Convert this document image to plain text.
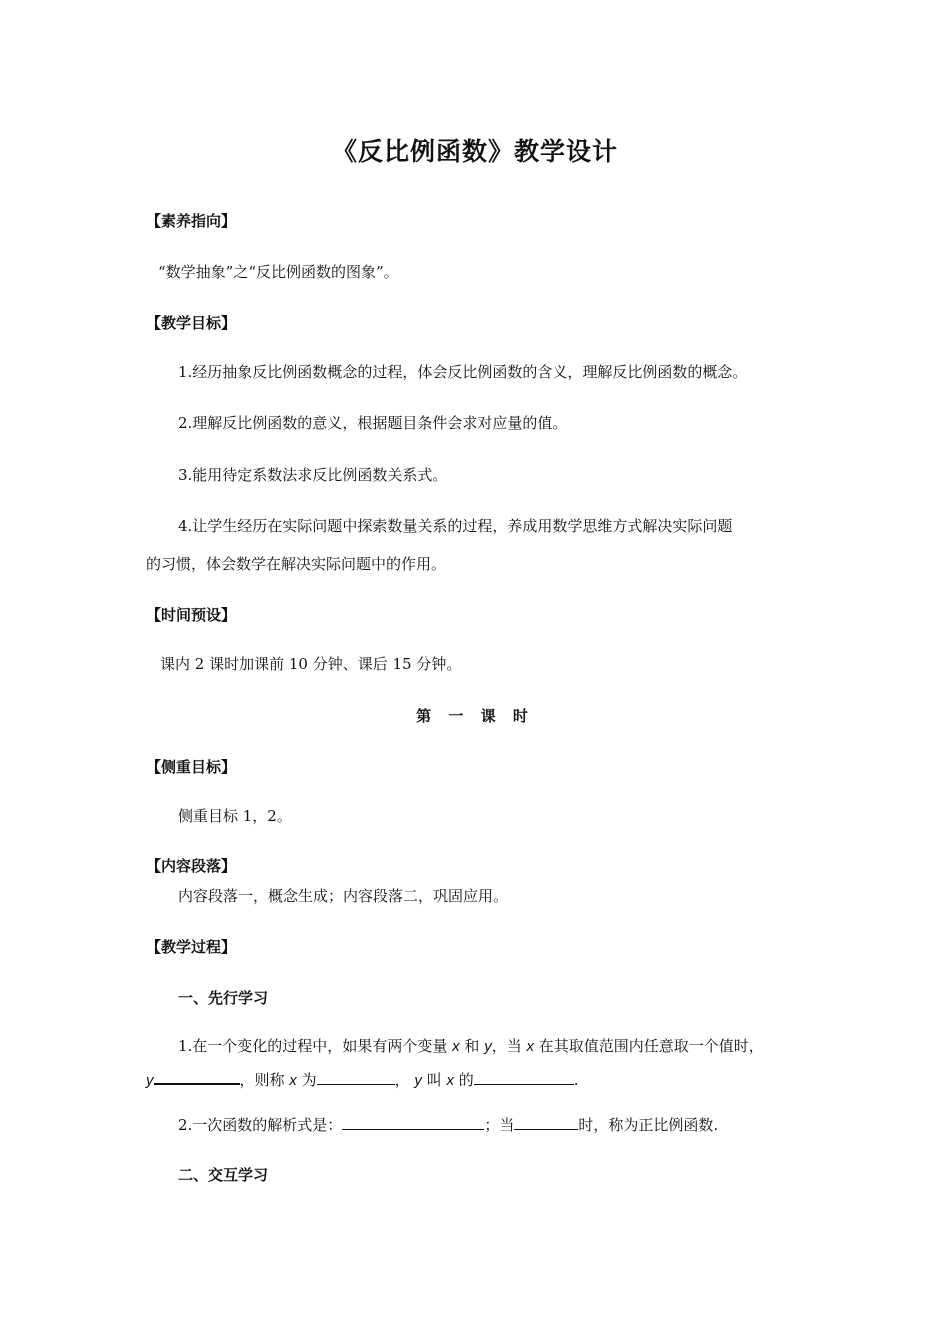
《反比例函数》教学设计
【素养指向】
“数学抽象”之“反比例函数的图象”。
【教学目标】
1.经历抽象反比例函数概念的过程，体会反比例函数的含义，理解反比例函数的概念。
2.理解反比例函数的意义，根据题目条件会求对应量的值。
3.能用待定系数法求反比例函数关系式。
4.让学生经历在实际问题中探索数量关系的过程，养成用数学思维方式解决实际问题
的习惯，体会数学在解决实际问题中的作用。
【时间预设】
课内 2 课时加课前 10 分钟、课后 15 分钟。
第 一 课 时
【侧重目标】
侧重目标 1，2。
【内容段落】
内容段落一，概念生成；内容段落二，巩固应用。
【教学过程】
一、先行学习
1.在一个变化的过程中，如果有两个变量 x 和 y，当 x 在其取值范围内任意取一个值时，
y	，则称 x 为	， y 叫 x 的	.
2.一次函数的解析式是：	；当	时，称为正比例函数.
二、交互学习
